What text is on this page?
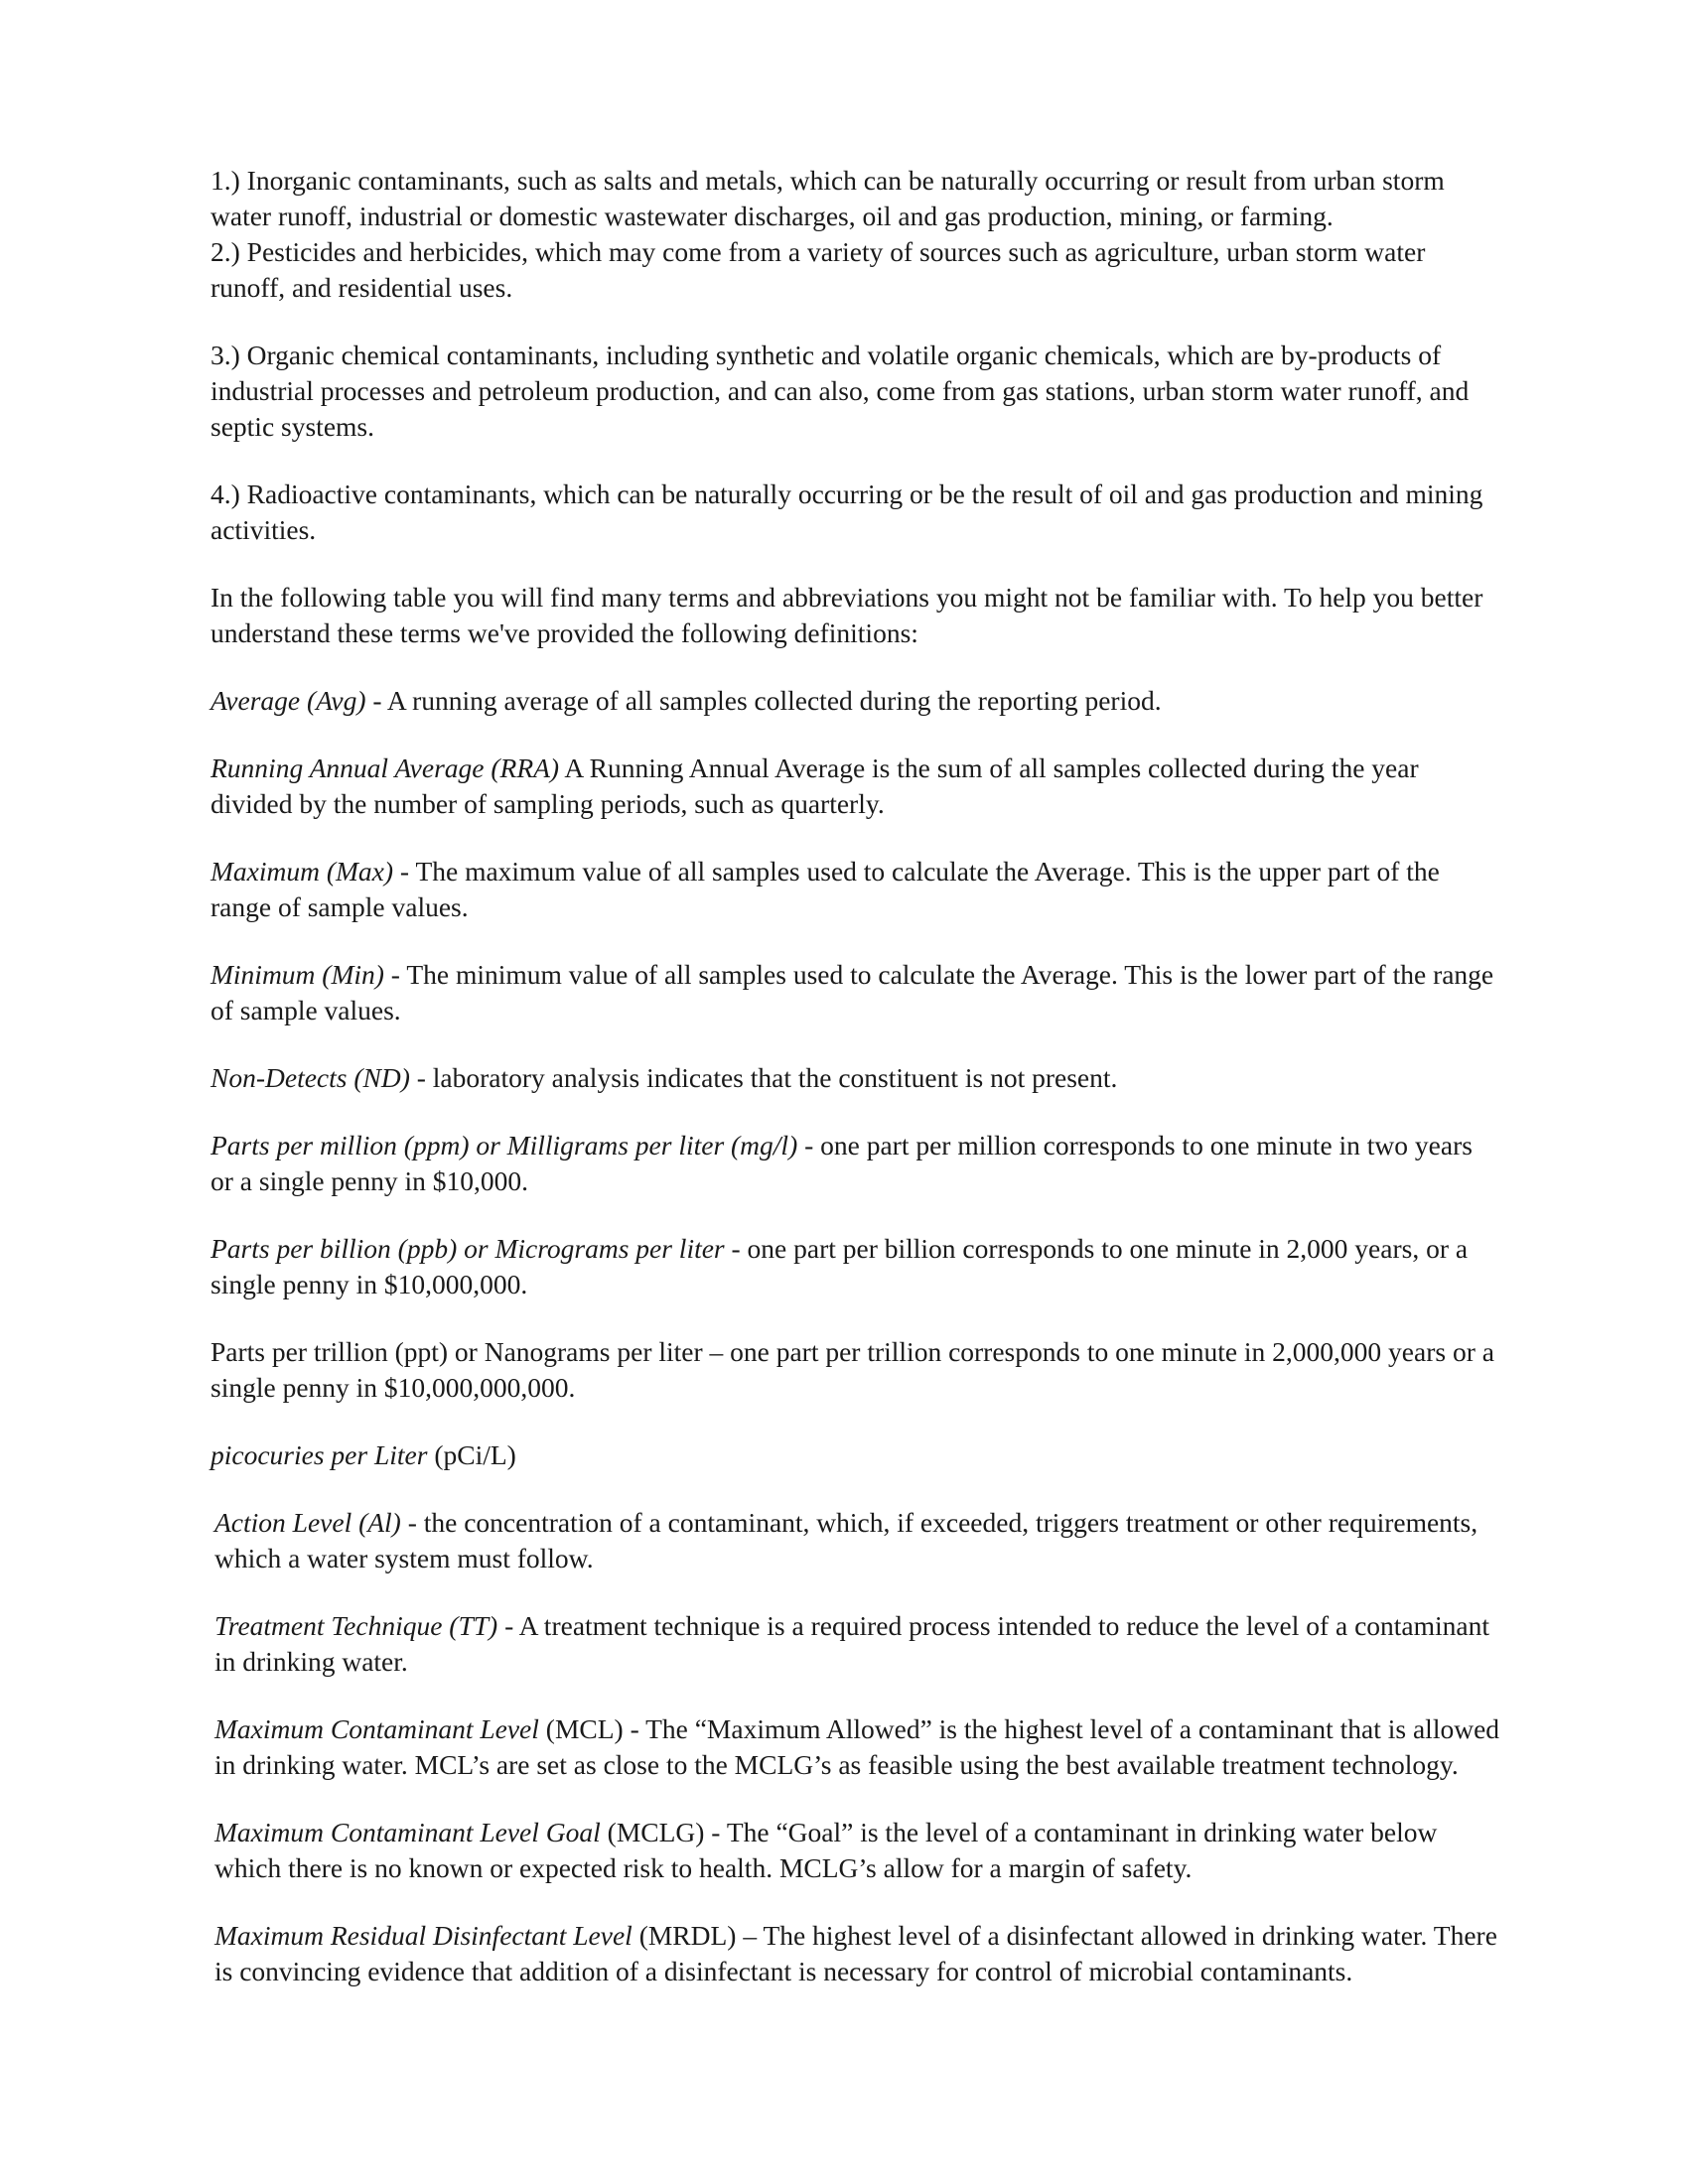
1.) Inorganic contaminants, such as salts and metals, which can be naturally occurring or result from urban storm water runoff, industrial or domestic wastewater discharges, oil and gas production, mining, or farming.

2.) Pesticides and herbicides, which may come from a variety of sources such as agriculture, urban storm water runoff, and residential uses.

3.) Organic chemical contaminants, including synthetic and volatile organic chemicals, which are by-products of industrial processes and petroleum production, and can also, come from gas stations, urban storm water runoff, and septic systems.

4.) Radioactive contaminants, which can be naturally occurring or be the result of oil and gas production and mining activities.

In the following table you will find many terms and abbreviations you might not be familiar with. To help you better understand these terms we've provided the following definitions:

Average (Avg) - A running average of all samples collected during the reporting period.

Running Annual Average (RRA) A Running Annual Average is the sum of all samples collected during the year divided by the number of sampling periods, such as quarterly.

Maximum (Max) - The maximum value of all samples used to calculate the Average. This is the upper part of the range of sample values.

Minimum (Min) - The minimum value of all samples used to calculate the Average. This is the lower part of the range of sample values.

Non-Detects (ND) - laboratory analysis indicates that the constituent is not present.

Parts per million (ppm) or Milligrams per liter (mg/l) - one part per million corresponds to one minute in two years or a single penny in $10,000.

Parts per billion (ppb) or Micrograms per liter - one part per billion corresponds to one minute in 2,000 years, or a single penny in $10,000,000.

Parts per trillion (ppt) or Nanograms per liter – one part per trillion corresponds to one minute in 2,000,000 years or a single penny in $10,000,000,000.

picocuries per Liter (pCi/L)

Action Level (Al) - the concentration of a contaminant, which, if exceeded, triggers treatment or other requirements, which a water system must follow.

Treatment Technique (TT) - A treatment technique is a required process intended to reduce the level of a contaminant in drinking water.

Maximum Contaminant Level (MCL) - The “Maximum Allowed” is the highest level of a contaminant that is allowed in drinking water. MCL’s are set as close to the MCLG’s as feasible using the best available treatment technology.

Maximum Contaminant Level Goal (MCLG) - The “Goal” is the level of a contaminant in drinking water below which there is no known or expected risk to health. MCLG’s allow for a margin of safety.

Maximum Residual Disinfectant Level (MRDL) – The highest level of a disinfectant allowed in drinking water. There is convincing evidence that addition of a disinfectant is necessary for control of microbial contaminants.
